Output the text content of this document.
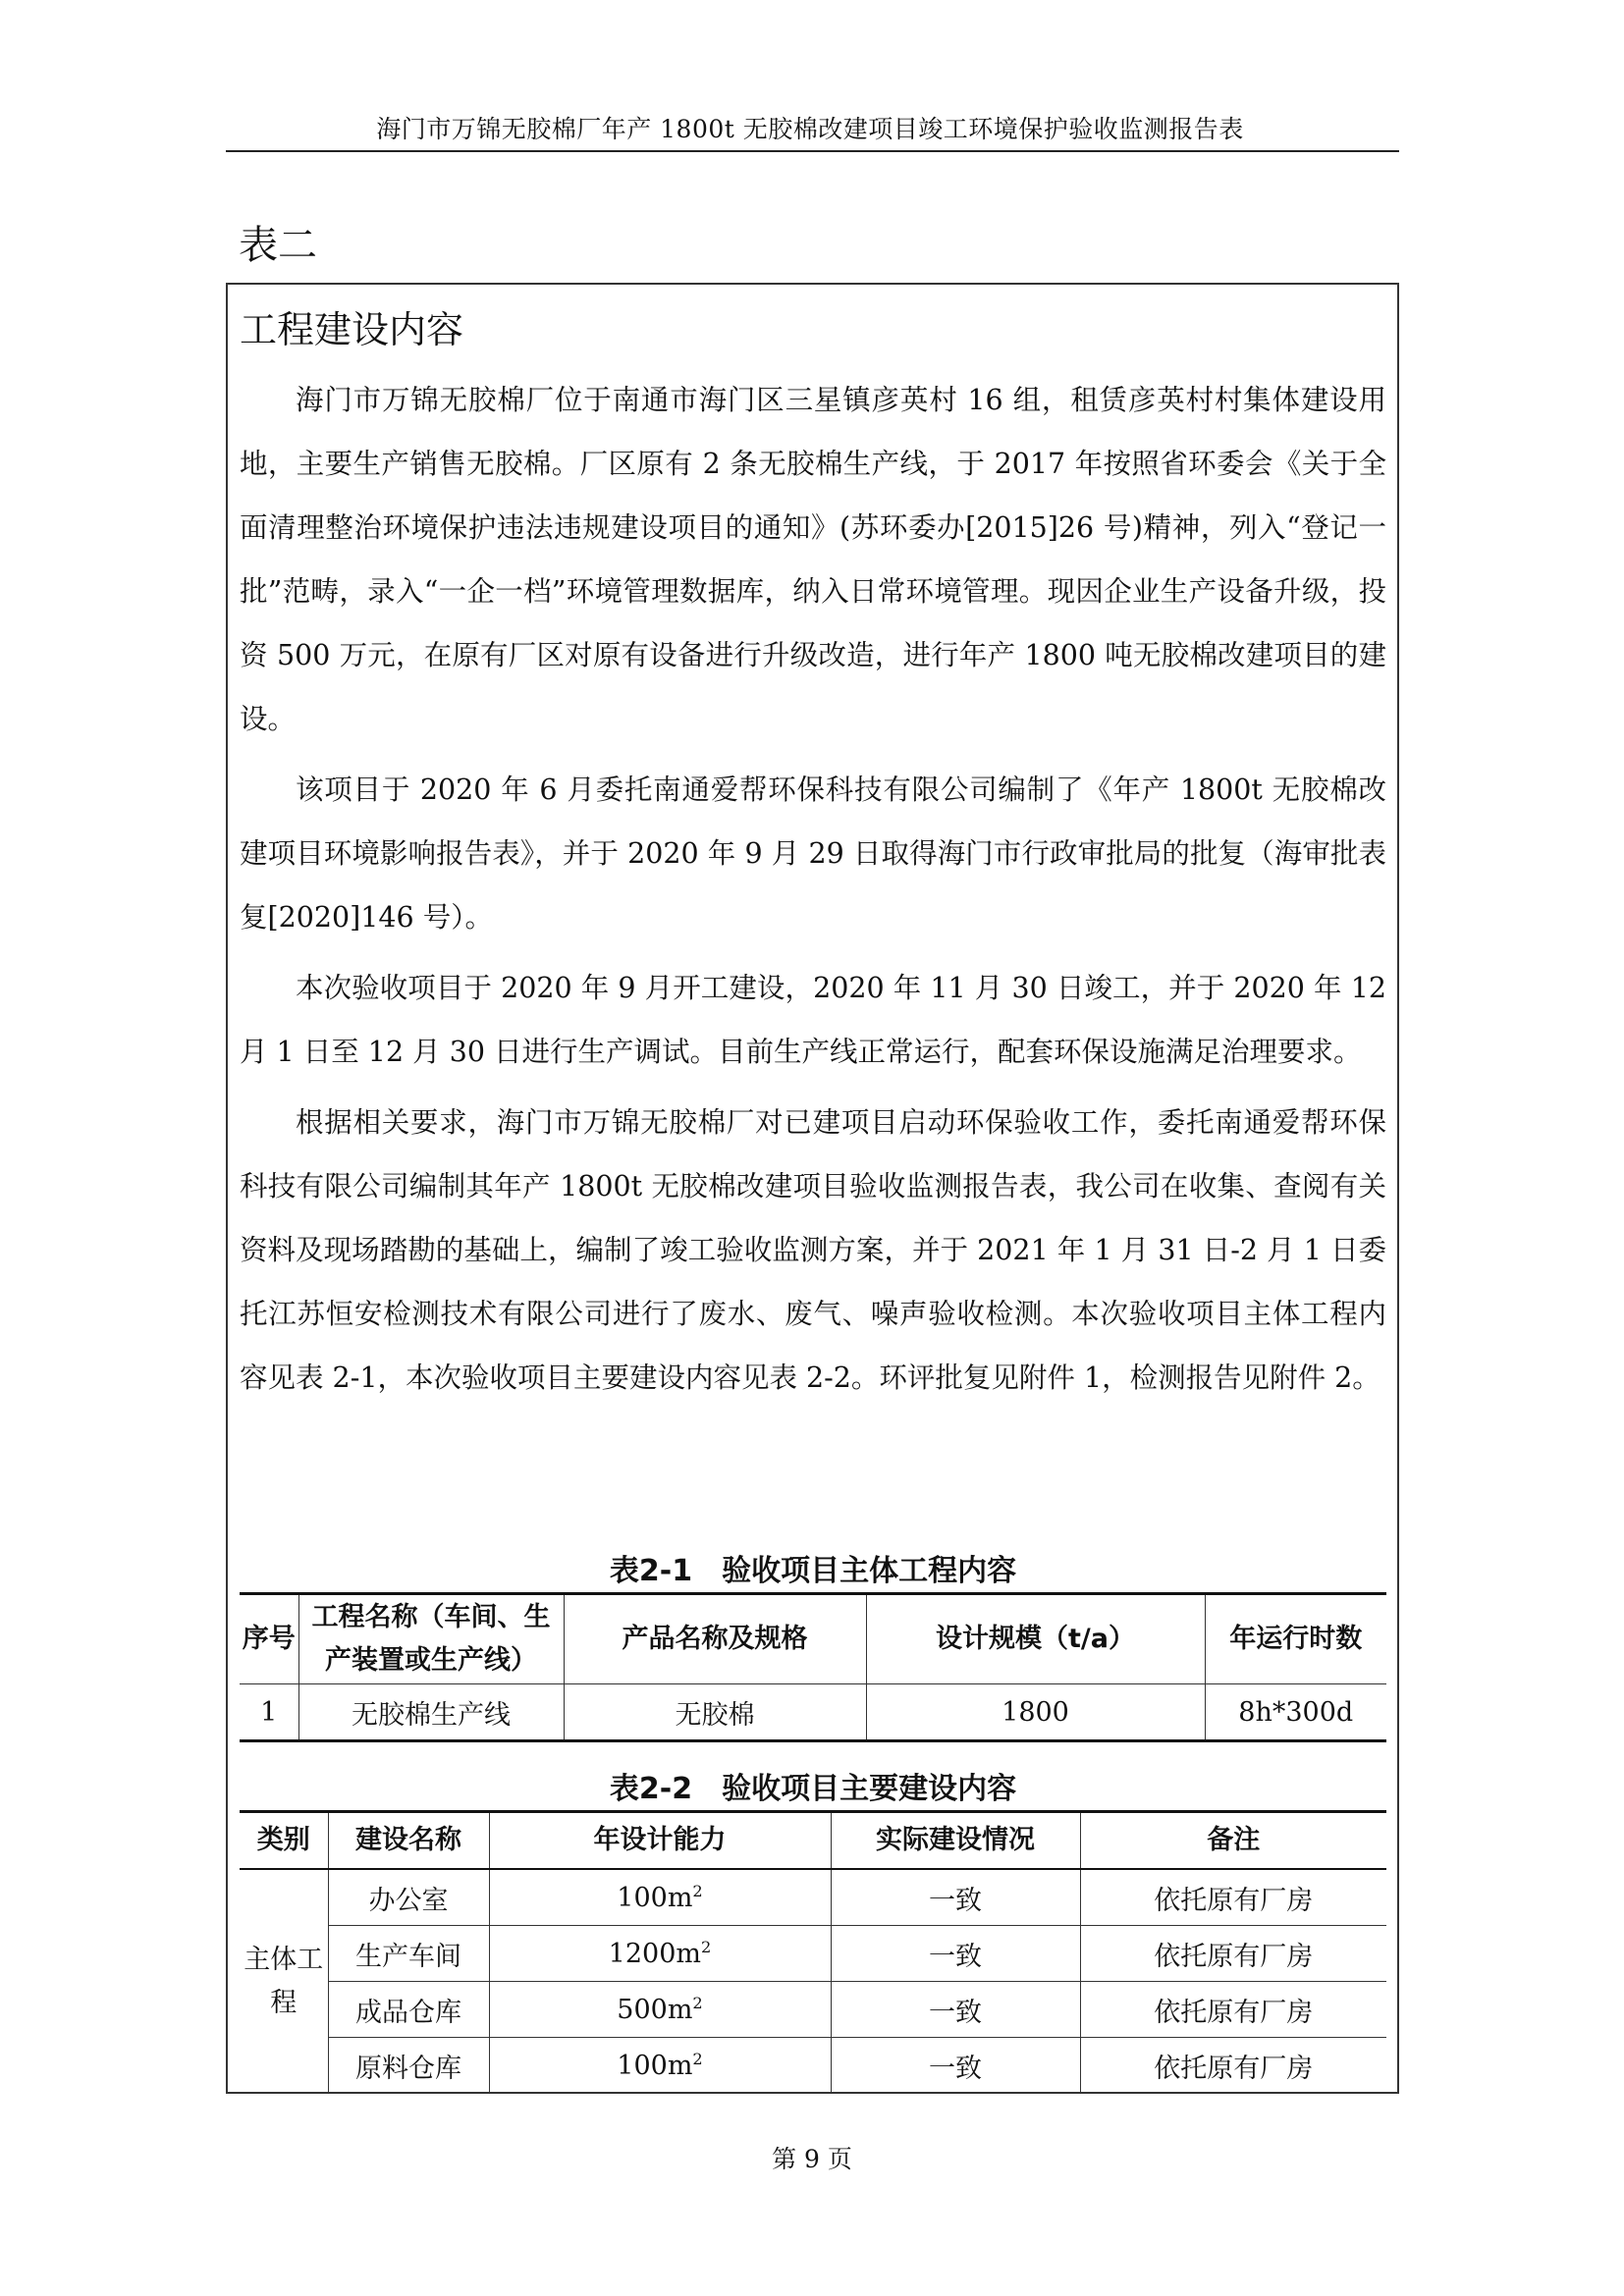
海门市万锦无胶棉厂年产 1800t 无胶棉改建项目竣工环境保护验收监测报告表
表二
工程建设内容

海门市万锦无胶棉厂位于南通市海门区三星镇彦英村 16 组，租赁彦英村村集体建设用地，主要生产销售无胶棉。厂区原有 2 条无胶棉生产线，于 2017 年按照省环委会《关于全面清理整治环境保护违法违规建设项目的通知》(苏环委办[2015]26 号)精神，列入“登记一批”范畴，录入“一企一档”环境管理数据库，纳入日常环境管理。现因企业生产设备升级，投资 500 万元，在原有厂区对原有设备进行升级改造，进行年产 1800 吨无胶棉改建项目的建设。

该项目于 2020 年 6 月委托南通爱帮环保科技有限公司编制了《年产 1800t 无胶棉改建项目环境影响报告表》，并于 2020 年 9 月 29 日取得海门市行政审批局的批复（海审批表复[2020]146 号）。

本次验收项目于 2020 年 9 月开工建设，2020 年 11 月 30 日竣工，并于 2020 年 12 月 1 日至 12 月 30 日进行生产调试。目前生产线正常运行，配套环保设施满足治理要求。

根据相关要求，海门市万锦无胶棉厂对已建项目启动环保验收工作，委托南通爱帮环保科技有限公司编制其年产 1800t 无胶棉改建项目验收监测报告表，我公司在收集、查阅有关资料及现场踏勘的基础上，编制了竣工验收监测方案，并于 2021 年 1 月 31 日-2 月 1 日委托江苏恒安检测技术有限公司进行了废水、废气、噪声验收检测。本次验收项目主体工程内容见表 2-1，本次验收项目主要建设内容见表 2-2。环评批复见附件 1，检测报告见附件 2。

表2-1　验收项目主体工程内容
序号	工程名称（车间、生产装置或生产线）	产品名称及规格	设计规模（t/a）	年运行时数
1	无胶棉生产线	无胶棉	1800	8h*300d
表2-2　验收项目主要建设内容
类别	建设名称	年设计能力	实际建设情况	备注
主体工程	办公室	$100m^2$	一致	依托原有厂房
	生产车间	$1200m^2$	一致	依托原有厂房
	成品仓库	$500m^2$	一致	依托原有厂房
	原料仓库	$100m^2$	一致	依托原有厂房
第 9 页
